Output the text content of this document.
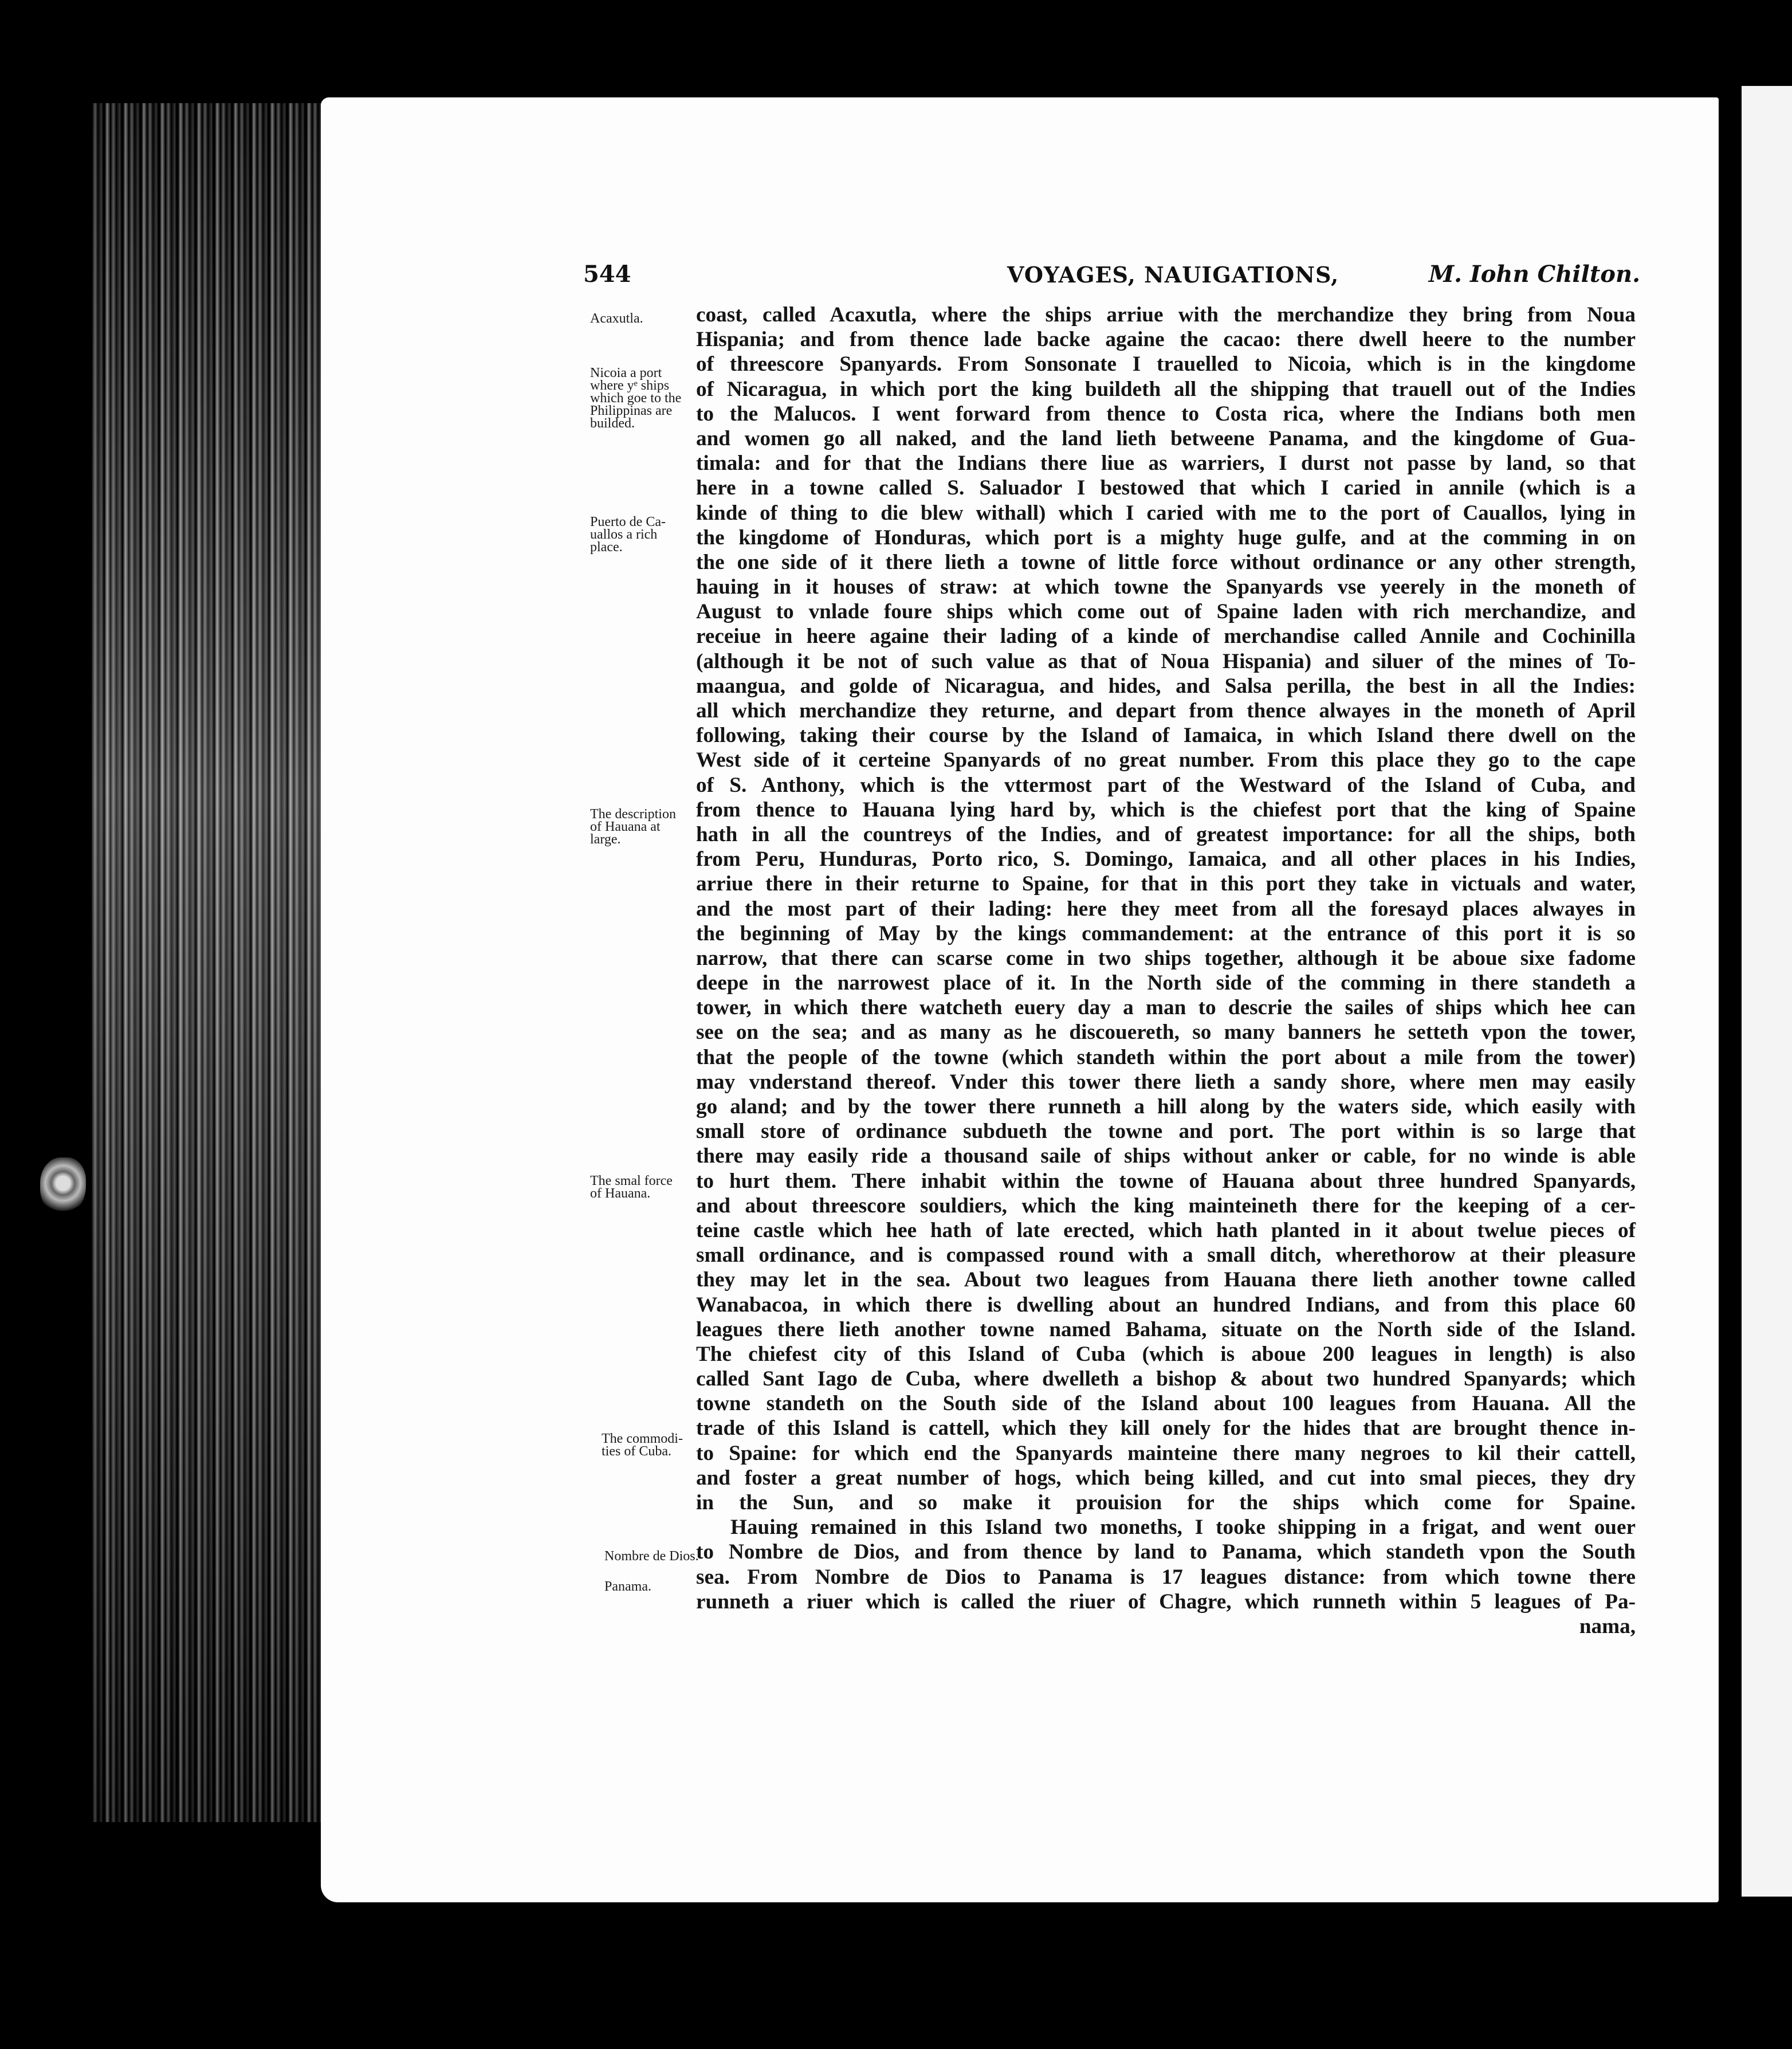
544	VOYAGES, NAUIGATIONS,	M. Iohn Chilton.
Acaxutla.
Nicoia a port
where yᵉ ships
which goe to the
Philippinas are
builded.
Puerto de Ca-
uallos a rich
place.
The description
of Hauana at
large.
The smal force
of Hauana.
The commodi-
ties of Cuba.
Nombre de Dios.
Panama.
coast, called Acaxutla, where the ships arriue with the merchandize they bring from Noua
Hispania; and from thence lade backe againe the cacao: there dwell heere to the number
of threescore Spanyards. From Sonsonate I trauelled to Nicoia, which is in the kingdome
of Nicaragua, in which port the king buildeth all the shipping that trauell out of the Indies
to the Malucos. I went forward from thence to Costa rica, where the Indians both men
and women go all naked, and the land lieth betweene Panama, and the kingdome of Gua-
timala: and for that the Indians there liue as warriers, I durst not passe by land, so that
here in a towne called S. Saluador I bestowed that which I caried in annile (which is a
kinde of thing to die blew withall) which I caried with me to the port of Cauallos, lying in
the kingdome of Honduras, which port is a mighty huge gulfe, and at the comming in on
the one side of it there lieth a towne of little force without ordinance or any other strength,
hauing in it houses of straw: at which towne the Spanyards vse yeerely in the moneth of
August to vnlade foure ships which come out of Spaine laden with rich merchandize, and
receiue in heere againe their lading of a kinde of merchandise called Annile and Cochinilla
(although it be not of such value as that of Noua Hispania) and siluer of the mines of To-
maangua, and golde of Nicaragua, and hides, and Salsa perilla, the best in all the Indies:
all which merchandize they returne, and depart from thence alwayes in the moneth of April
following, taking their course by the Island of Iamaica, in which Island there dwell on the
West side of it certeine Spanyards of no great number. From this place they go to the cape
of S. Anthony, which is the vttermost part of the Westward of the Island of Cuba, and
from thence to Hauana lying hard by, which is the chiefest port that the king of Spaine
hath in all the countreys of the Indies, and of greatest importance: for all the ships, both
from Peru, Hunduras, Porto rico, S. Domingo, Iamaica, and all other places in his Indies,
arriue there in their returne to Spaine, for that in this port they take in victuals and water,
and the most part of their lading: here they meet from all the foresayd places alwayes in
the beginning of May by the kings commandement: at the entrance of this port it is so
narrow, that there can scarse come in two ships together, although it be aboue sixe fadome
deepe in the narrowest place of it. In the North side of the comming in there standeth a
tower, in which there watcheth euery day a man to descrie the sailes of ships which hee can
see on the sea; and as many as he discouereth, so many banners he setteth vpon the tower,
that the people of the towne (which standeth within the port about a mile from the tower)
may vnderstand thereof. Vnder this tower there lieth a sandy shore, where men may easily
go aland; and by the tower there runneth a hill along by the waters side, which easily with
small store of ordinance subdueth the towne and port. The port within is so large that
there may easily ride a thousand saile of ships without anker or cable, for no winde is able
to hurt them. There inhabit within the towne of Hauana about three hundred Spanyards,
and about threescore souldiers, which the king mainteineth there for the keeping of a cer-
teine castle which hee hath of late erected, which hath planted in it about twelue pieces of
small ordinance, and is compassed round with a small ditch, wherethorow at their pleasure
they may let in the sea. About two leagues from Hauana there lieth another towne called
Wanabacoa, in which there is dwelling about an hundred Indians, and from this place 60
leagues there lieth another towne named Bahama, situate on the North side of the Island.
The chiefest city of this Island of Cuba (which is aboue 200 leagues in length) is also
called Sant Iago de Cuba, where dwelleth a bishop & about two hundred Spanyards; which
towne standeth on the South side of the Island about 100 leagues from Hauana. All the
trade of this Island is cattell, which they kill onely for the hides that are brought thence in-
to Spaine: for which end the Spanyards mainteine there many negroes to kil their cattell,
and foster a great number of hogs, which being killed, and cut into smal pieces, they dry
in the Sun, and so make it prouision for the ships which come for Spaine.
Hauing remained in this Island two moneths, I tooke shipping in a frigat, and went ouer
to Nombre de Dios, and from thence by land to Panama, which standeth vpon the South
sea. From Nombre de Dios to Panama is 17 leagues distance: from which towne there
runneth a riuer which is called the riuer of Chagre, which runneth within 5 leagues of Pa-
nama,
